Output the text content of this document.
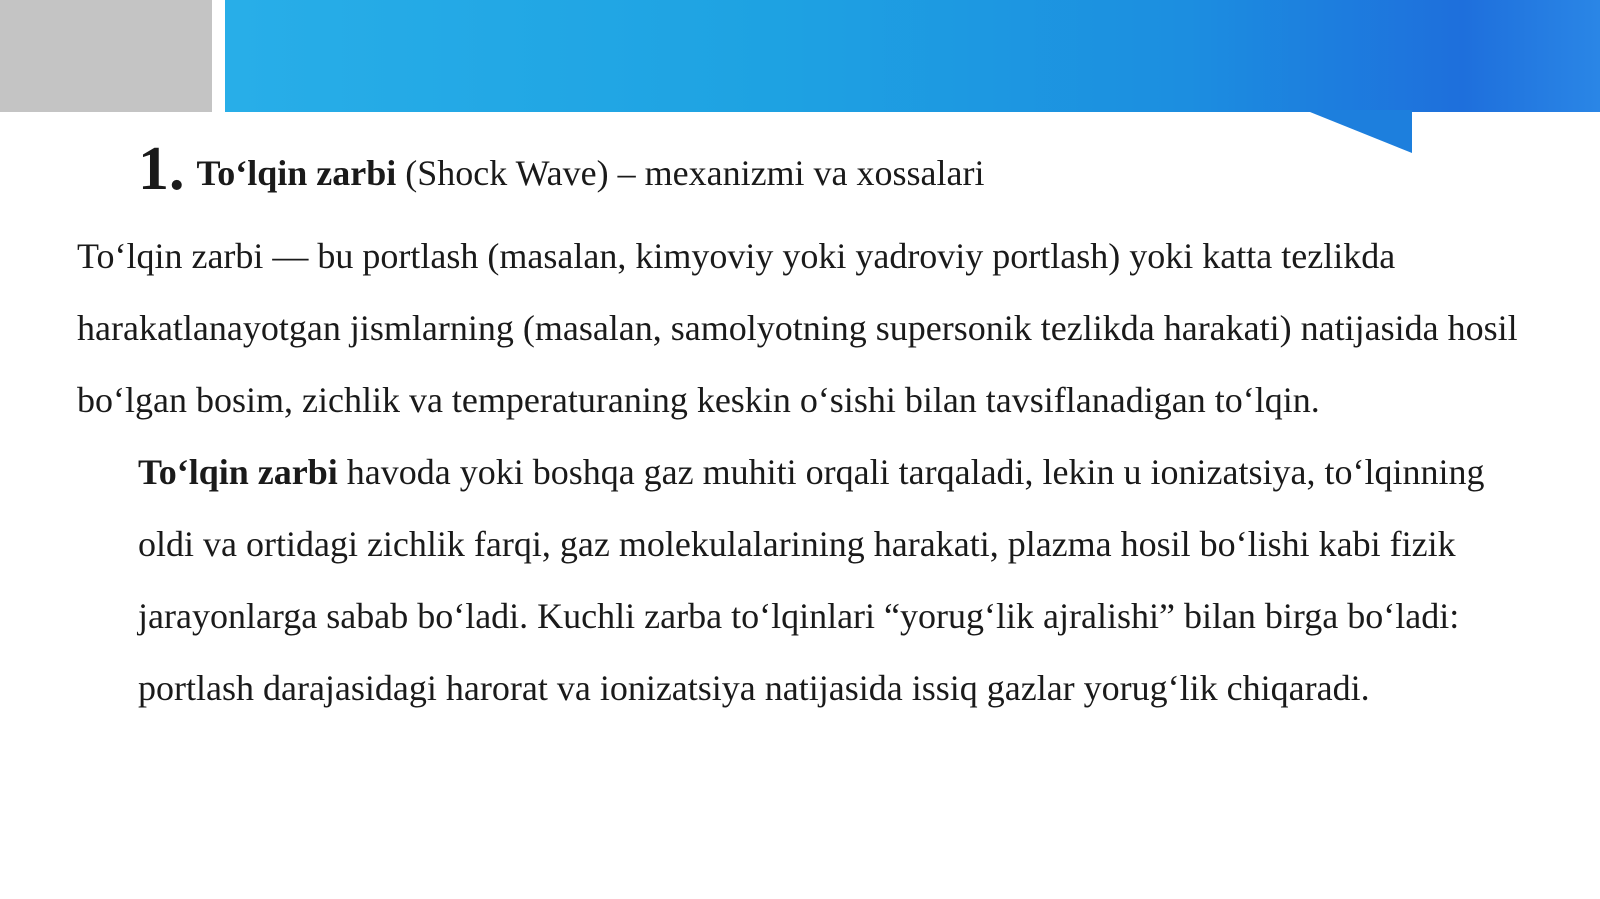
1. To‘lqin zarbi (Shock Wave) – mexanizmi va xossalari

To‘lqin zarbi — bu portlash (masalan, kimyoviy yoki yadroviy portlash) yoki katta tezlikda harakatlanayotgan jismlarning (masalan, samolyotning supersonik tezlikda harakati) natijasida hosil bo‘lgan bosim, zichlik va temperaturaning keskin o‘sishi bilan tavsiflanadigan to‘lqin.

To‘lqin zarbi havoda yoki boshqa gaz muhiti orqali tarqaladi, lekin u ionizatsiya, to‘lqinning oldi va ortidagi zichlik farqi, gaz molekulalarining harakati, plazma hosil bo‘lishi kabi fizik jarayonlarga sabab bo‘ladi. Kuchli zarba to‘lqinlari “yorug‘lik ajralishi” bilan birga bo‘ladi: portlash darajasidagi harorat va ionizatsiya natijasida issiq gazlar yorug‘lik chiqaradi.
